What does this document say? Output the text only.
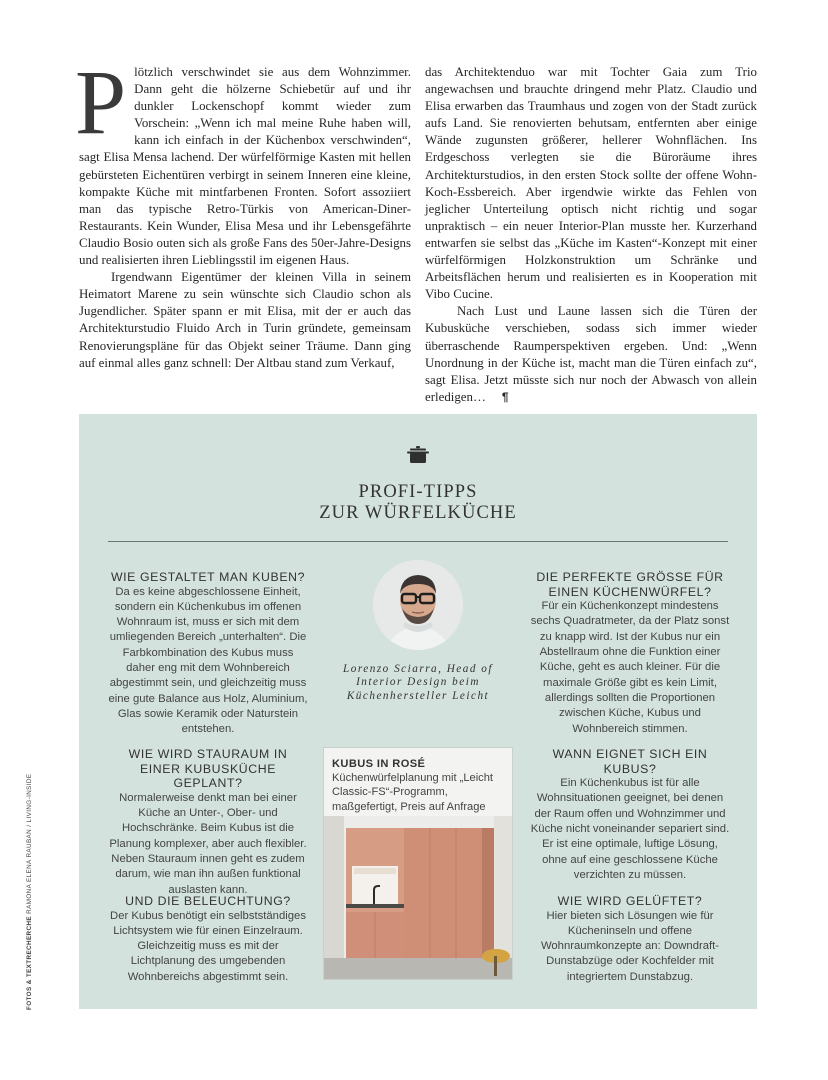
Plötzlich verschwindet sie aus dem Wohnzimmer. Dann geht die hölzerne Schiebetür auf und ihr dunkler Lockenschopf kommt wieder zum Vorschein: „Wenn ich mal meine Ruhe haben will, kann ich einfach in der Küchenbox verschwinden“, sagt Elisa Mensa lachend. Der würfelförmige Kasten mit hellen gebürsteten Eichentüren verbirgt in seinem Inneren eine kleine, kompakte Küche mit mintfarbenen Fronten. Sofort assoziiert man das typische Retro-Türkis von American-Diner-Restaurants. Kein Wunder, Elisa Mesa und ihr Lebensgefährte Claudio Bosio outen sich als große Fans des 50er-Jahre-Designs und realisierten ihren Lieblingsstil im eigenen Haus.

Irgendwann Eigentümer der kleinen Villa in seinem Heimatort Marene zu sein wünschte sich Claudio schon als Jugendlicher. Später spann er mit Elisa, mit der er auch das Architekturstudio Fluido Arch in Turin gründete, gemeinsam Renovierungspläne für das Objekt seiner Träume. Dann ging auf einmal alles ganz schnell: Der Altbau stand zum Verkauf,

das Architektenduo war mit Tochter Gaia zum Trio angewachsen und brauchte dringend mehr Platz. Claudio und Elisa erwarben das Traumhaus und zogen von der Stadt zurück aufs Land. Sie renovierten behutsam, entfernten aber einige Wände zugunsten größerer, hellerer Wohnflächen. Ins Erdgeschoss verlegten sie die Büroräume ihres Architekturstudios, in den ersten Stock sollte der offene Wohn-Koch-Essbereich. Aber irgendwie wirkte das Fehlen von jeglicher Unterteilung optisch nicht richtig und sogar unpraktisch – ein neuer Interior-Plan musste her. Kurzerhand entwarfen sie selbst das „Küche im Kasten“-Konzept mit einer würfelförmigen Holzkonstruktion um Schränke und Arbeitsflächen herum und realisierten es in Kooperation mit Vibo Cucine.

Nach Lust und Laune lassen sich die Türen der Kubusküche verschieben, sodass sich immer wieder überraschende Raumperspektiven ergeben. Und: „Wenn Unordnung in der Küche ist, macht man die Türen einfach zu“, sagt Elisa. Jetzt müsste sich nur noch der Abwasch von allein erledigen… ¶

PROFI-TIPPS
ZUR WÜRFELKÜCHE
WIE GESTALTET MAN KUBEN?

Da es keine abgeschlossene Einheit, sondern ein Küchenkubus im offenen Wohnraum ist, muss er sich mit dem umliegenden Bereich „unterhalten“. Die Farbkombination des Kubus muss daher eng mit dem Wohnbereich abgestimmt sein, und gleichzeitig muss eine gute Balance aus Holz, Aluminium, Glas sowie Keramik oder Naturstein entstehen.

WIE WIRD STAURAUM IN EINER KUBUSKÜCHE GEPLANT?

Normalerweise denkt man bei einer Küche an Unter-, Ober- und Hochschränke. Beim Kubus ist die Planung komplexer, aber auch flexibler. Neben Stauraum innen geht es zudem darum, wie man ihn außen funktional auslasten kann.

UND DIE BELEUCHTUNG?

Der Kubus benötigt ein selbstständiges Lichtsystem wie für einen Einzelraum. Gleichzeitig muss es mit der Lichtplanung des umgebenden Wohnbereichs abgestimmt sein.

DIE PERFEKTE GRÖSSE FÜR EINEN KÜCHENWÜRFEL?

Für ein Küchenkonzept mindestens sechs Quadratmeter, da der Platz sonst zu knapp wird. Ist der Kubus nur ein Abstellraum ohne die Funktion einer Küche, geht es auch kleiner. Für die maximale Größe gibt es kein Limit, allerdings sollten die Proportionen zwischen Küche, Kubus und Wohnbereich stimmen.

WANN EIGNET SICH EIN KUBUS?

Ein Küchenkubus ist für alle Wohnsituationen geeignet, bei denen der Raum offen und Wohnzimmer und Küche nicht voneinander separiert sind. Er ist eine optimale, luftige Lösung, ohne auf eine geschlossene Küche verzichten zu müssen.

WIE WIRD GELÜFTET?

Hier bieten sich Lösungen wie für Kücheninseln und offene Wohnraumkonzepte an: Downdraft-Dunstabzüge oder Kochfelder mit integriertem Dunstabzug.

Lorenzo Sciarra, Head of Interior Design beim Küchenhersteller Leicht
KUBUS IN ROSÉ Küchenwürfelplanung mit „Leicht Classic-FS“-Programm, maßgefertigt, Preis auf Anfrage
FOTOS & TEXTRECHERCHE RAMONA ELENA RAUBAN / LIVING-INSIDE
